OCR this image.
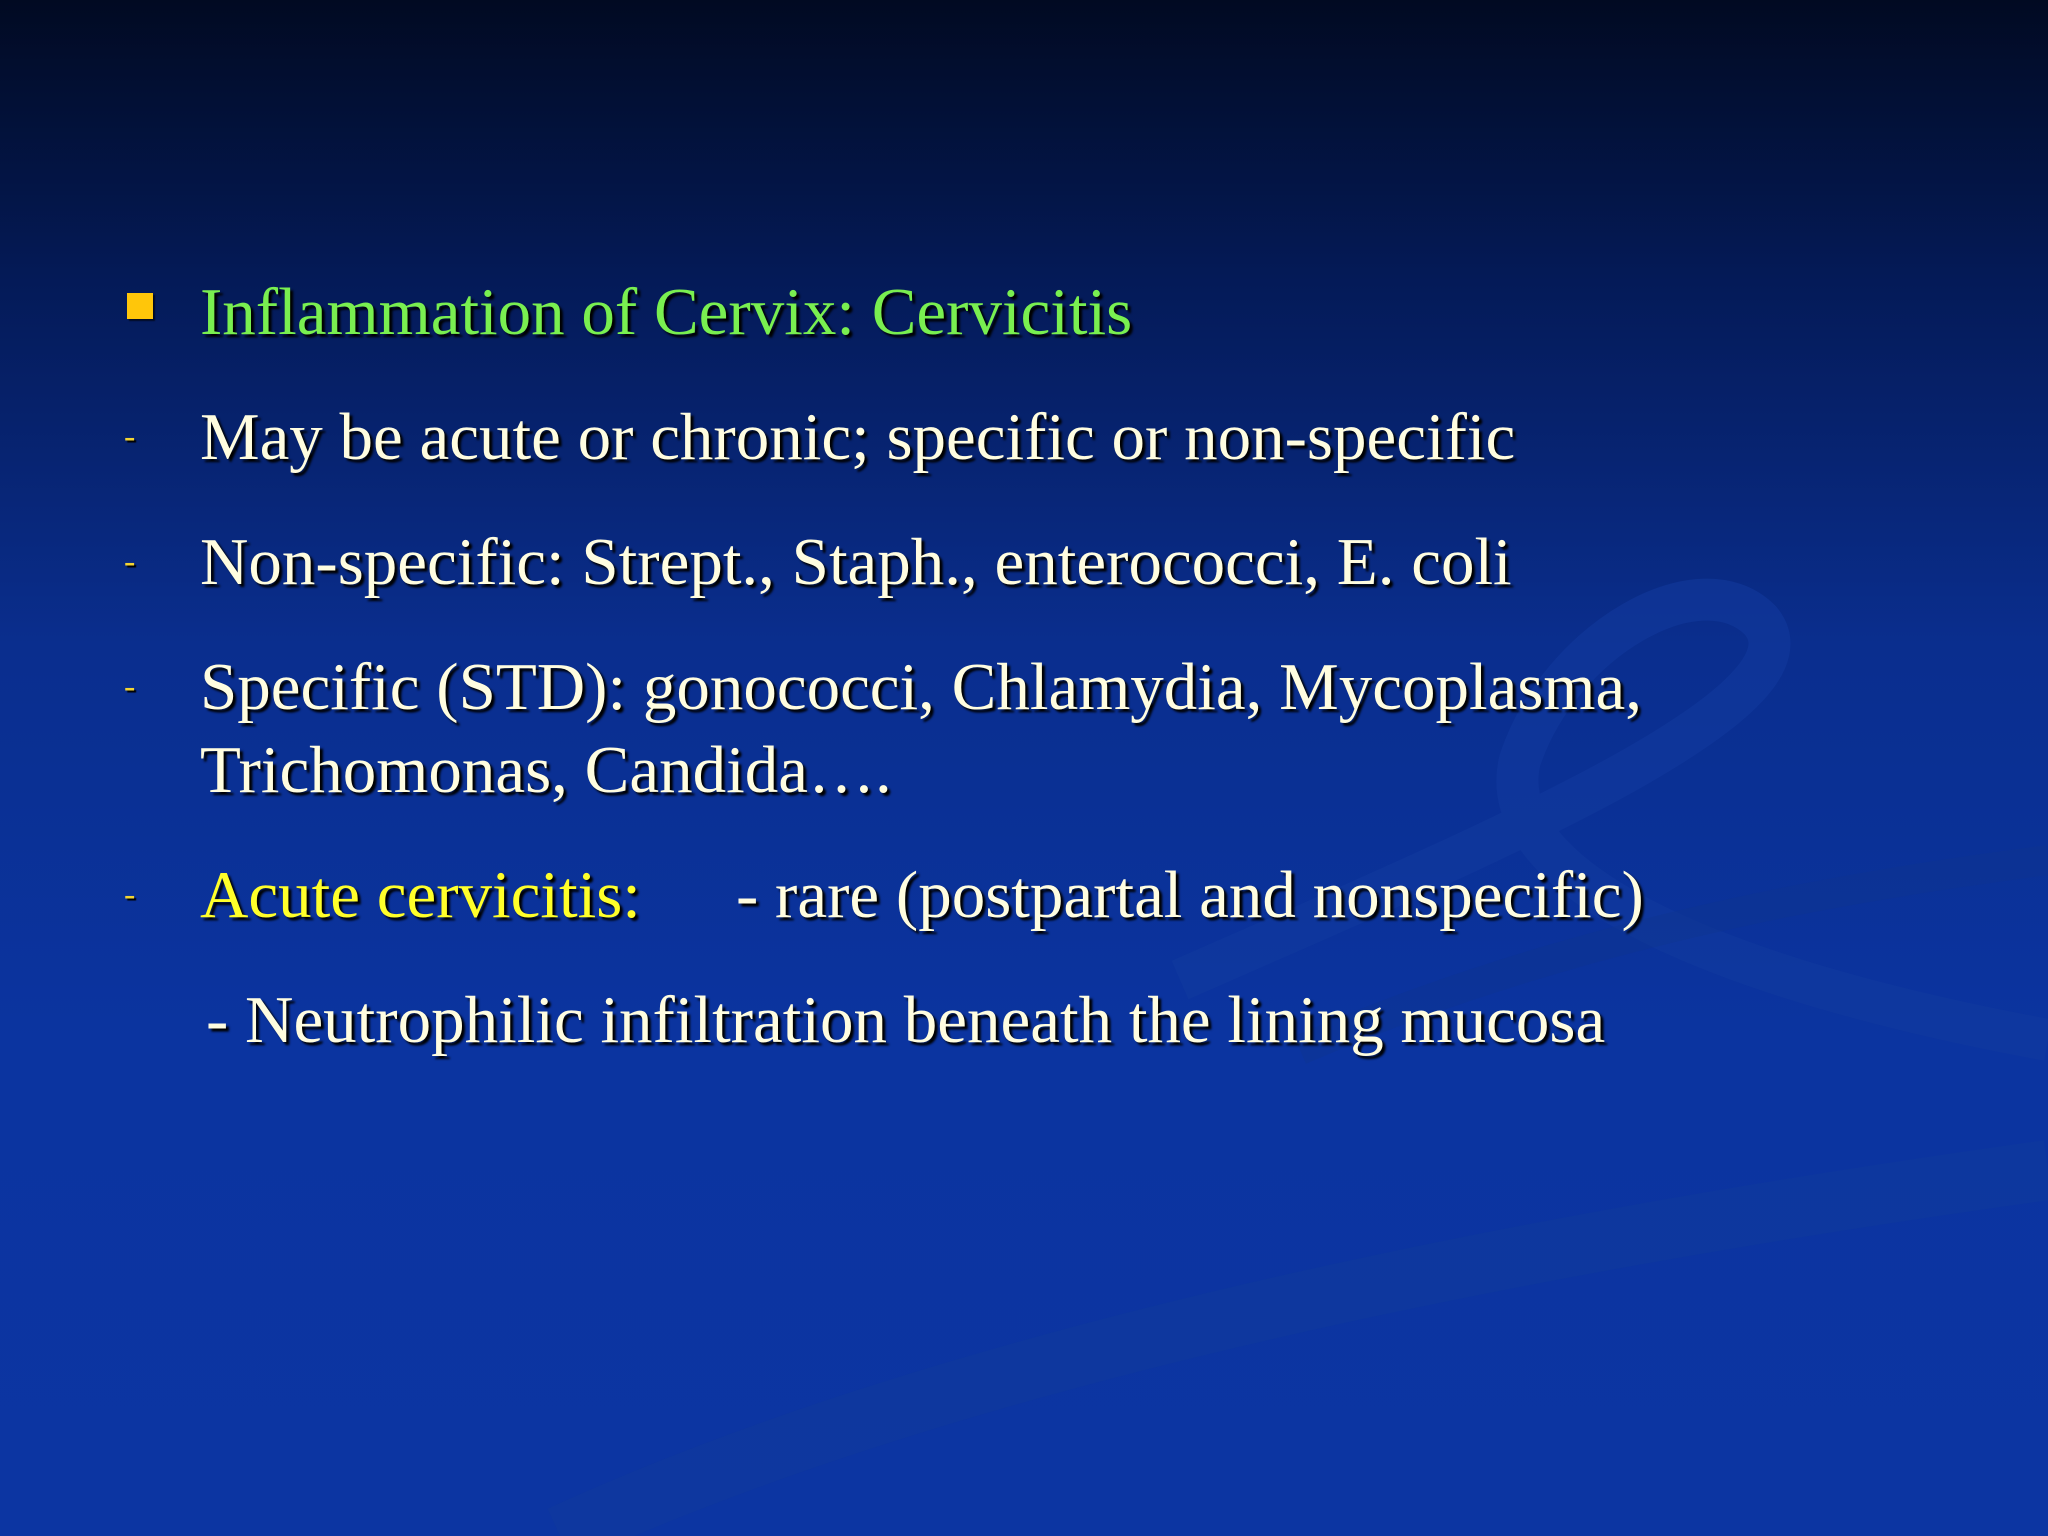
Inflammation of Cervix: Cervicitis
- May be acute or chronic; specific or non-specific
- Non-specific: Strept., Staph., enterococci, E. coli
- Specific (STD): gonococci, Chlamydia, Mycoplasma,
Trichomonas, Candida….
- Acute cervicitis: - rare (postpartal and nonspecific)
- Neutrophilic infiltration beneath the lining mucosa
